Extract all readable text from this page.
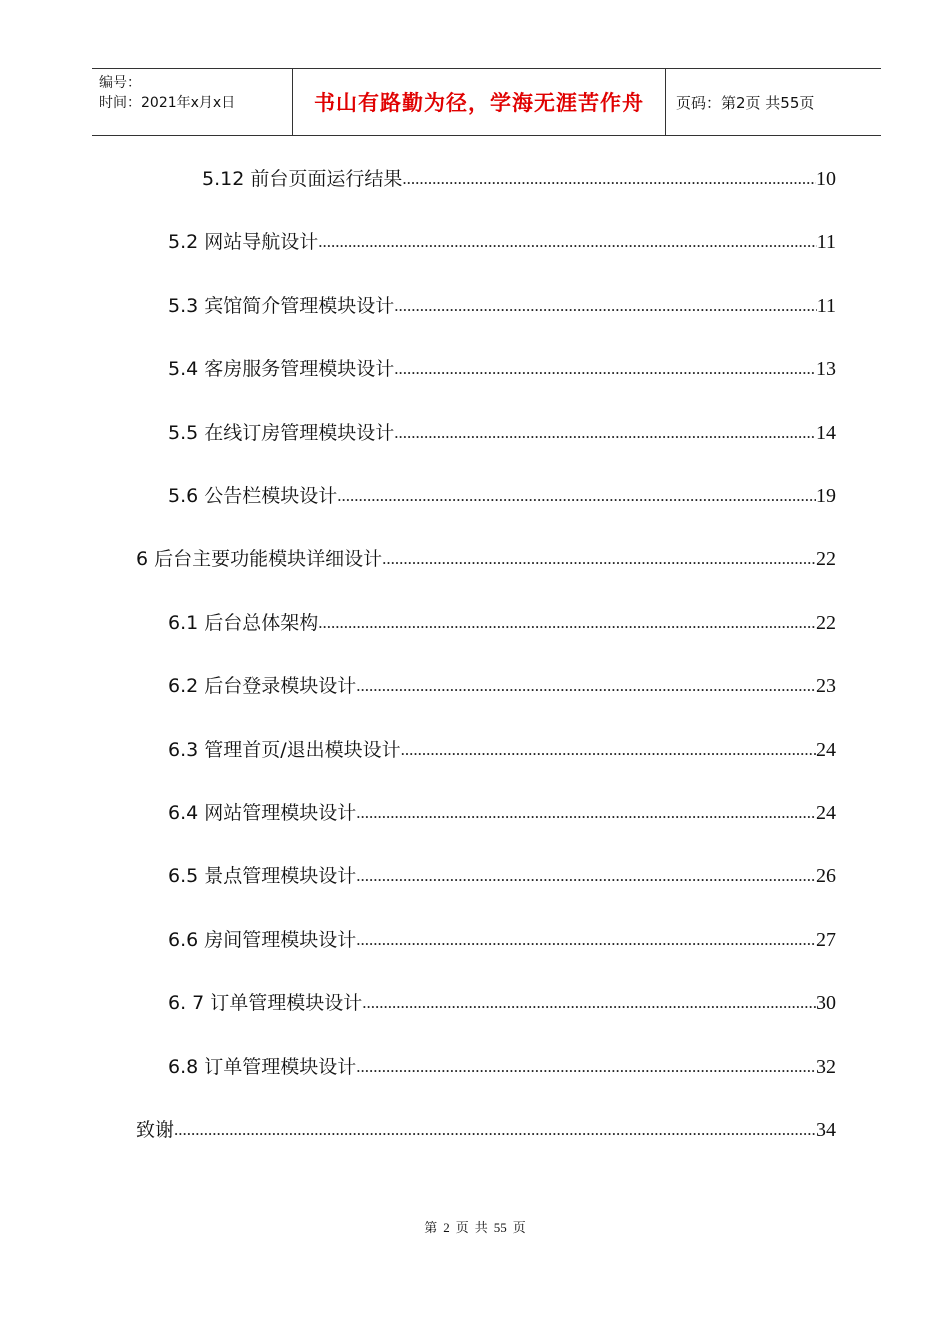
编号：
时间：2021年x月x日	书山有路勤为径，学海无涯苦作舟	页码：第2页 共55页
5.12 前台页面运行结果 .....	10
5.2 网站导航设计 .....	11
5.3 宾馆简介管理模块设计 .....	11
5.4 客房服务管理模块设计 .....	13
5.5 在线订房管理模块设计 .....	14
5.6 公告栏模块设计 .....	19
6 后台主要功能模块详细设计 .....	22
6.1 后台总体架构 .....	22
6.2 后台登录模块设计 .....	23
6.3 管理首页/退出模块设计 .....	24
6.4 网站管理模块设计 .....	24
6.5 景点管理模块设计 .....	26
6.6 房间管理模块设计 .....	27
6. 7 订单管理模块设计 .....	30
6.8 订单管理模块设计 .....	32
致谢 .....	34
第 2 页 共 55 页
